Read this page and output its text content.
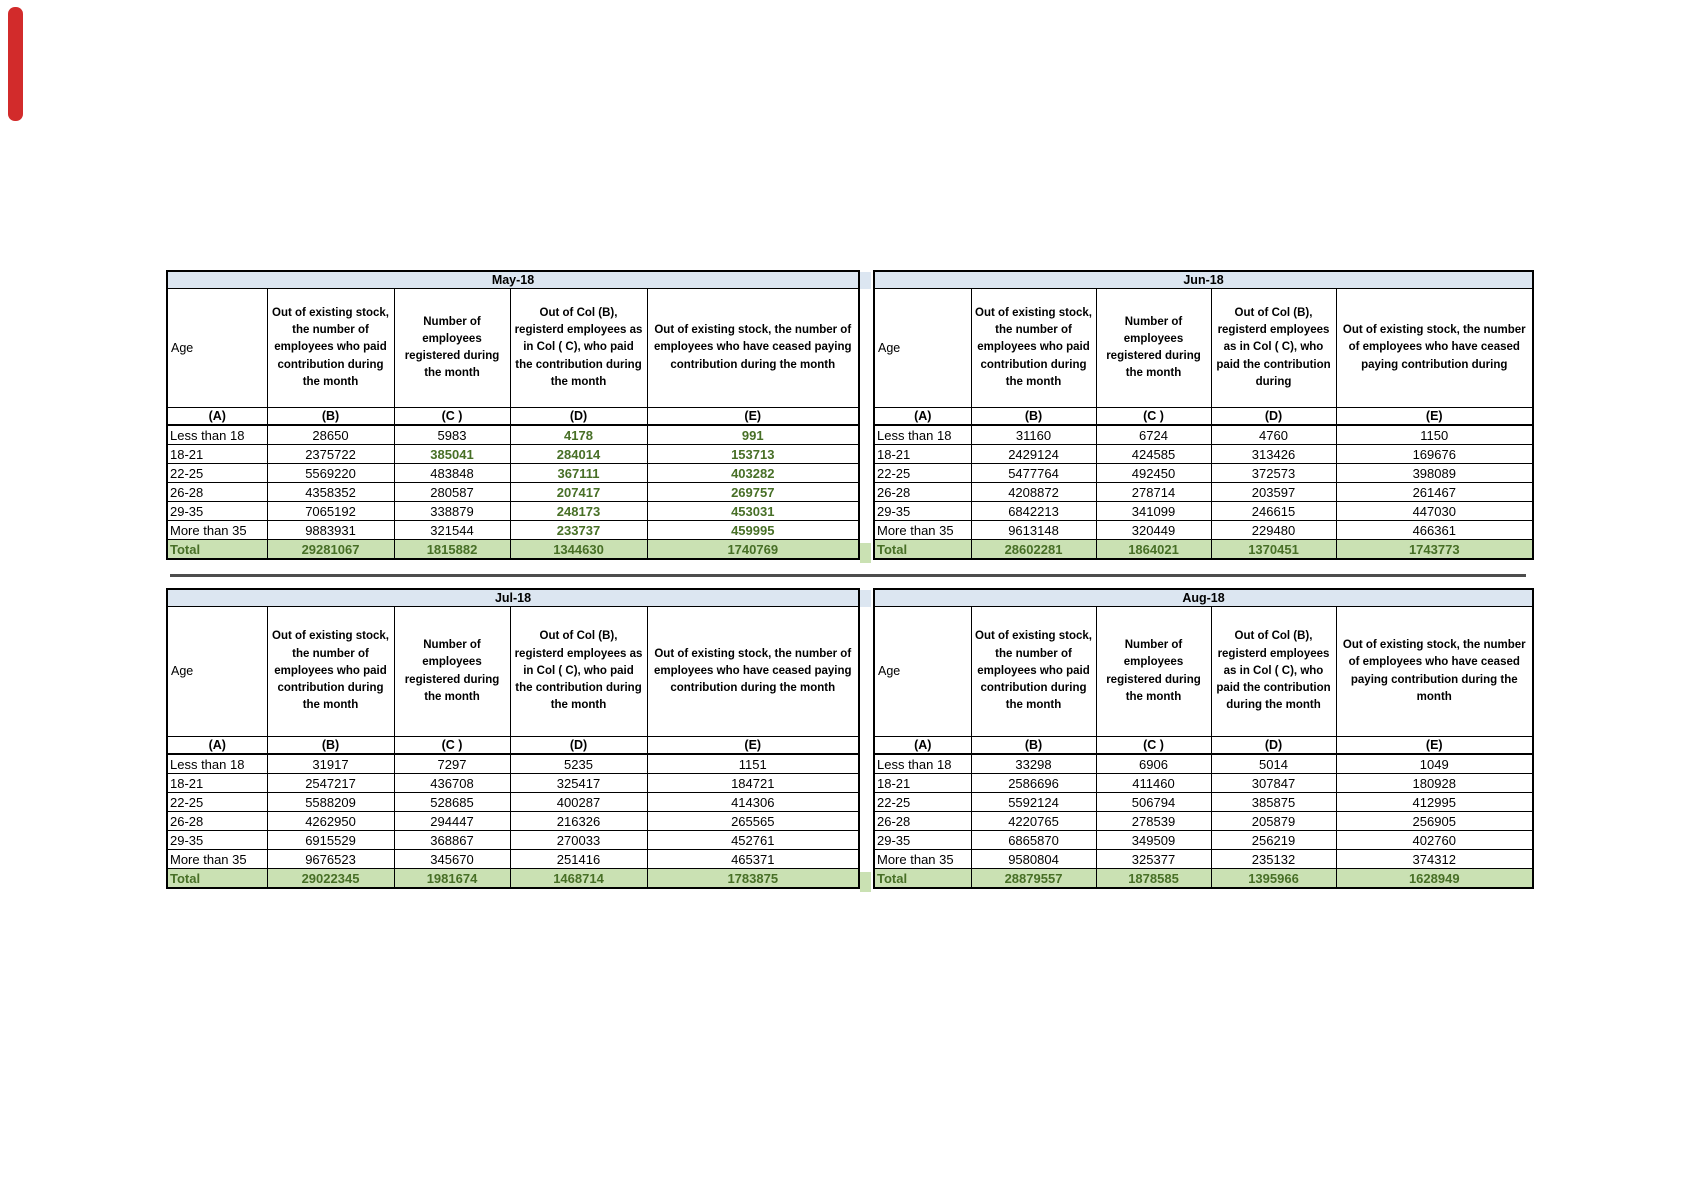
May-18				
Age	Out of existing stock, the number of employees who paid contribution during the month	Number of employees registered during the month	Out of Col (B), registerd employees as in Col ( C), who paid the contribution during the month	Out of existing stock, the number of employees who have ceased paying contribution during the month
(A)	(B)	(C )	(D)	(E)
Less than 18	28650	5983	4178	991
18-21	2375722	385041	284014	153713
22-25	5569220	483848	367111	403282
26-28	4358352	280587	207417	269757
29-35	7065192	338879	248173	453031
More than 35	9883931	321544	233737	459995
Total	29281067	1815882	1344630	1740769
Jun-18				
Age	Out of existing stock, the number of employees who paid contribution during the month	Number of employees registered during the month	Out of Col (B), registerd employees as in Col ( C), who paid the contribution during	Out of existing stock, the number of employees who have ceased paying contribution during
(A)	(B)	(C )	(D)	(E)
Less than 18	31160	6724	4760	1150
18-21	2429124	424585	313426	169676
22-25	5477764	492450	372573	398089
26-28	4208872	278714	203597	261467
29-35	6842213	341099	246615	447030
More than 35	9613148	320449	229480	466361
Total	28602281	1864021	1370451	1743773
Jul-18				
Age	Out of existing stock, the number of employees who paid contribution during the month	Number of employees registered during the month	Out of Col (B), registerd employees as in Col ( C), who paid the contribution during the month	Out of existing stock, the number of employees who have ceased paying contribution during the month
(A)	(B)	(C )	(D)	(E)
Less than 18	31917	7297	5235	1151
18-21	2547217	436708	325417	184721
22-25	5588209	528685	400287	414306
26-28	4262950	294447	216326	265565
29-35	6915529	368867	270033	452761
More than 35	9676523	345670	251416	465371
Total	29022345	1981674	1468714	1783875
Aug-18				
Age	Out of existing stock, the number of employees who paid contribution during the month	Number of employees registered during the month	Out of Col (B), registerd employees as in Col ( C), who paid the contribution during the month	Out of existing stock, the number of employees who have ceased paying contribution during the month
(A)	(B)	(C )	(D)	(E)
Less than 18	33298	6906	5014	1049
18-21	2586696	411460	307847	180928
22-25	5592124	506794	385875	412995
26-28	4220765	278539	205879	256905
29-35	6865870	349509	256219	402760
More than 35	9580804	325377	235132	374312
Total	28879557	1878585	1395966	1628949
